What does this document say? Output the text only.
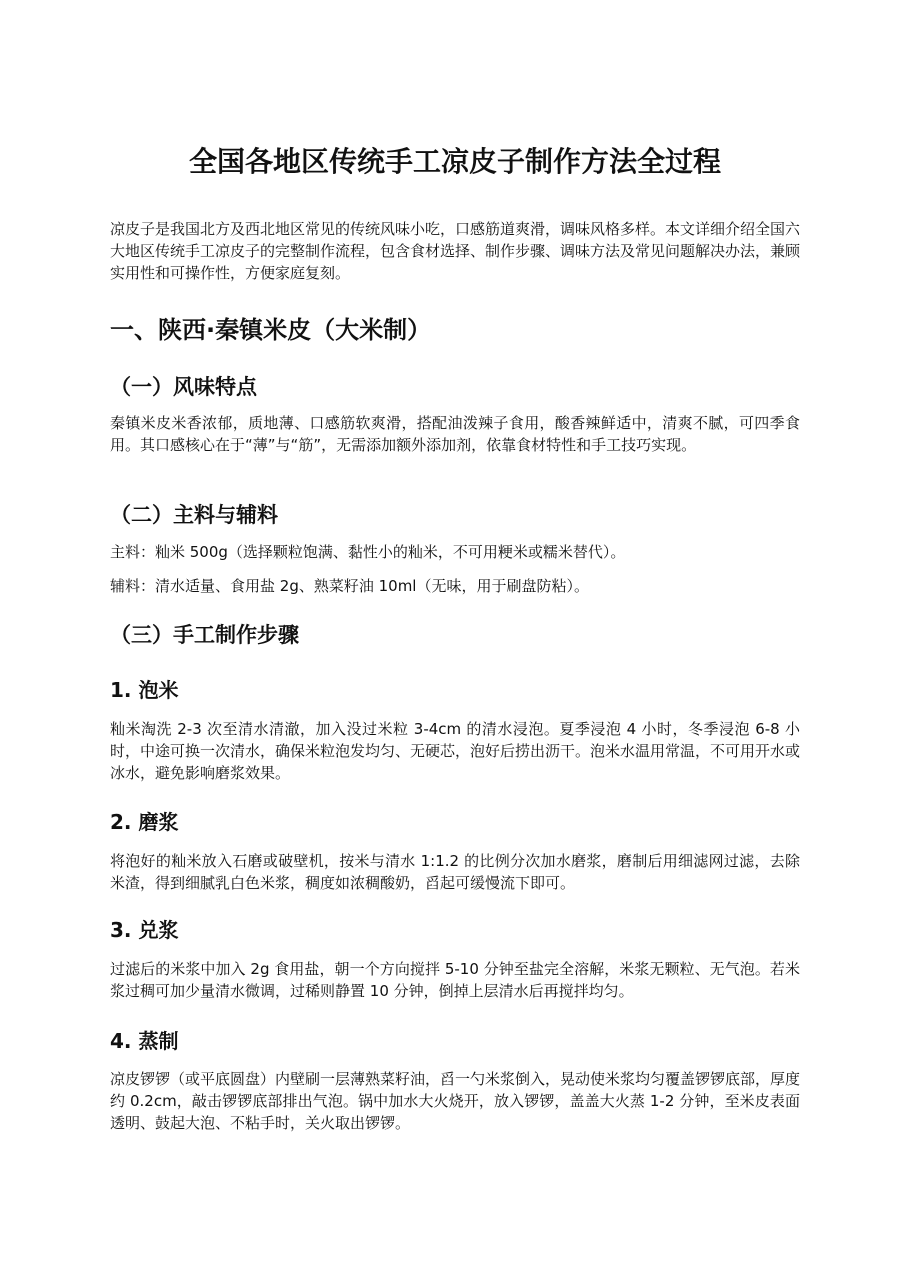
全国各地区传统手工凉皮子制作方法全过程

凉皮子是我国北方及西北地区常见的传统风味小吃，口感筋道爽滑，调味风格多样。本文详细介绍全国六大地区传统手工凉皮子的完整制作流程，包含食材选择、制作步骤、调味方法及常见问题解决办法，兼顾实用性和可操作性，方便家庭复刻。

一、陕西·秦镇米皮（大米制）
（一）风味特点

秦镇米皮米香浓郁，质地薄、口感筋软爽滑，搭配油泼辣子食用，酸香辣鲜适中，清爽不腻，可四季食用。其口感核心在于“薄”与“筋”，无需添加额外添加剂，依靠食材特性和手工技巧实现。

（二）主料与辅料

主料：籼米 500g（选择颗粒饱满、黏性小的籼米，不可用粳米或糯米替代）。

辅料：清水适量、食用盐 2g、熟菜籽油 10ml（无味，用于刷盘防粘）。

（三）手工制作步骤
1. 泡米

籼米淘洗 2-3 次至清水清澈，加入没过米粒 3-4cm 的清水浸泡。夏季浸泡 4 小时，冬季浸泡 6-8 小时，中途可换一次清水，确保米粒泡发均匀、无硬芯，泡好后捞出沥干。泡米水温用常温，不可用开水或冰水，避免影响磨浆效果。

2. 磨浆

将泡好的籼米放入石磨或破壁机，按米与清水 1:1.2 的比例分次加水磨浆，磨制后用细滤网过滤，去除米渣，得到细腻乳白色米浆，稠度如浓稠酸奶，舀起可缓慢流下即可。

3. 兑浆

过滤后的米浆中加入 2g 食用盐，朝一个方向搅拌 5-10 分钟至盐完全溶解，米浆无颗粒、无气泡。若米浆过稠可加少量清水微调，过稀则静置 10 分钟，倒掉上层清水后再搅拌均匀。

4. 蒸制

凉皮锣锣（或平底圆盘）内壁刷一层薄熟菜籽油，舀一勺米浆倒入，晃动使米浆均匀覆盖锣锣底部，厚度约 0.2cm，敲击锣锣底部排出气泡。锅中加水大火烧开，放入锣锣，盖盖大火蒸 1-2 分钟，至米皮表面透明、鼓起大泡、不粘手时，关火取出锣锣。
